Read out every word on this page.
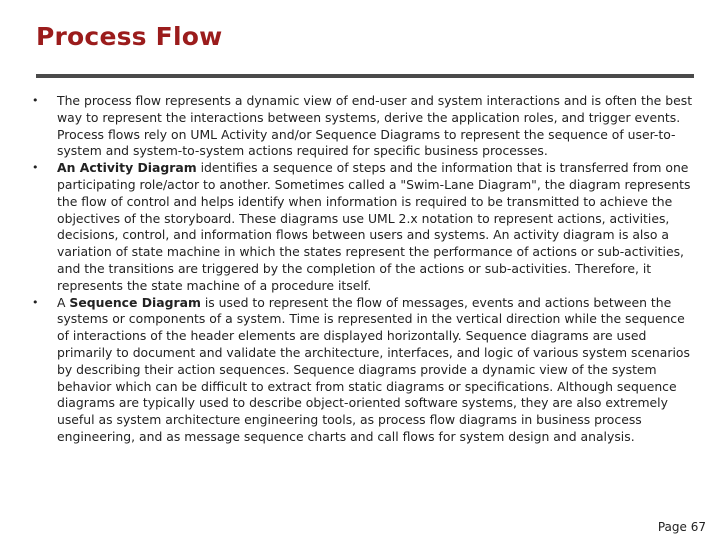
Process Flow
• The process flow represents a dynamic view of end-user and system interactions and is often the best way to represent the interactions between systems, derive the application roles, and trigger events. Process flows rely on UML Activity and/or Sequence Diagrams to represent the sequence of user-to-system and system-to-system actions required for specific business processes.
• An Activity Diagram identifies a sequence of steps and the information that is transferred from one participating role/actor to another. Sometimes called a "Swim-Lane Diagram", the diagram represents the flow of control and helps identify when information is required to be transmitted to achieve the objectives of the storyboard. These diagrams use UML 2.x notation to represent actions, activities, decisions, control, and information flows between users and systems. An activity diagram is also a variation of state machine in which the states represent the performance of actions or sub-activities, and the transitions are triggered by the completion of the actions or sub-activities. Therefore, it represents the state machine of a procedure itself.
• A Sequence Diagram is used to represent the flow of messages, events and actions between the systems or components of a system. Time is represented in the vertical direction while the sequence of interactions of the header elements are displayed horizontally. Sequence diagrams are used primarily to document and validate the architecture, interfaces, and logic of various system scenarios by describing their action sequences. Sequence diagrams provide a dynamic view of the system behavior which can be difficult to extract from static diagrams or specifications. Although sequence diagrams are typically used to describe object-oriented software systems, they are also extremely useful as system architecture engineering tools, as process flow diagrams in business process engineering, and as message sequence charts and call flows for system design and analysis.
Page 67
